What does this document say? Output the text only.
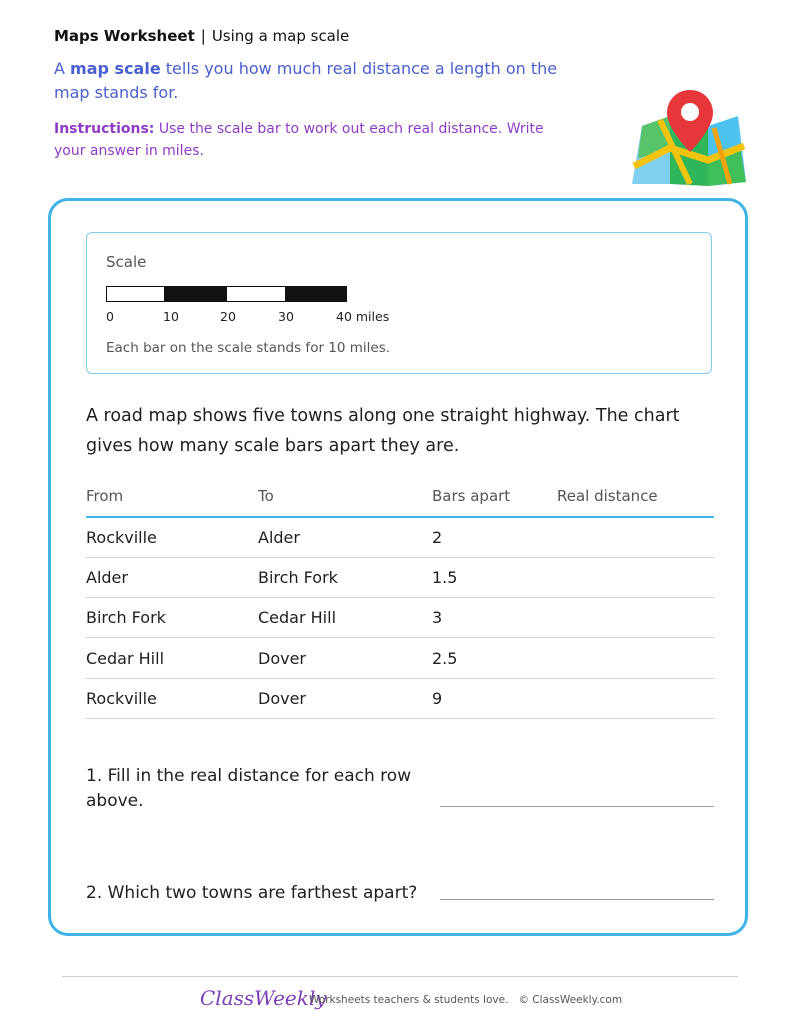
Maps Worksheet | Using a map scale
A map scale tells you how much real distance a length on the map stands for.
Instructions: Use the scale bar to work out each real distance. Write your answer in miles.
Scale
0	10	20	30	40 miles
Each bar on the scale stands for 10 miles.
A road map shows five towns along one straight highway. The chart gives how many scale bars apart they are.
From	To	Bars apart	Real distance
Rockville	Alder	2
Alder	Birch Fork	1.5
Birch Fork	Cedar Hill	3
Cedar Hill	Dover	2.5
Rockville	Dover	9
1. Fill in the real distance for each row above.
2. Which two towns are farthest apart?
ClassWeekly
Worksheets teachers & students love. © ClassWeekly.com
